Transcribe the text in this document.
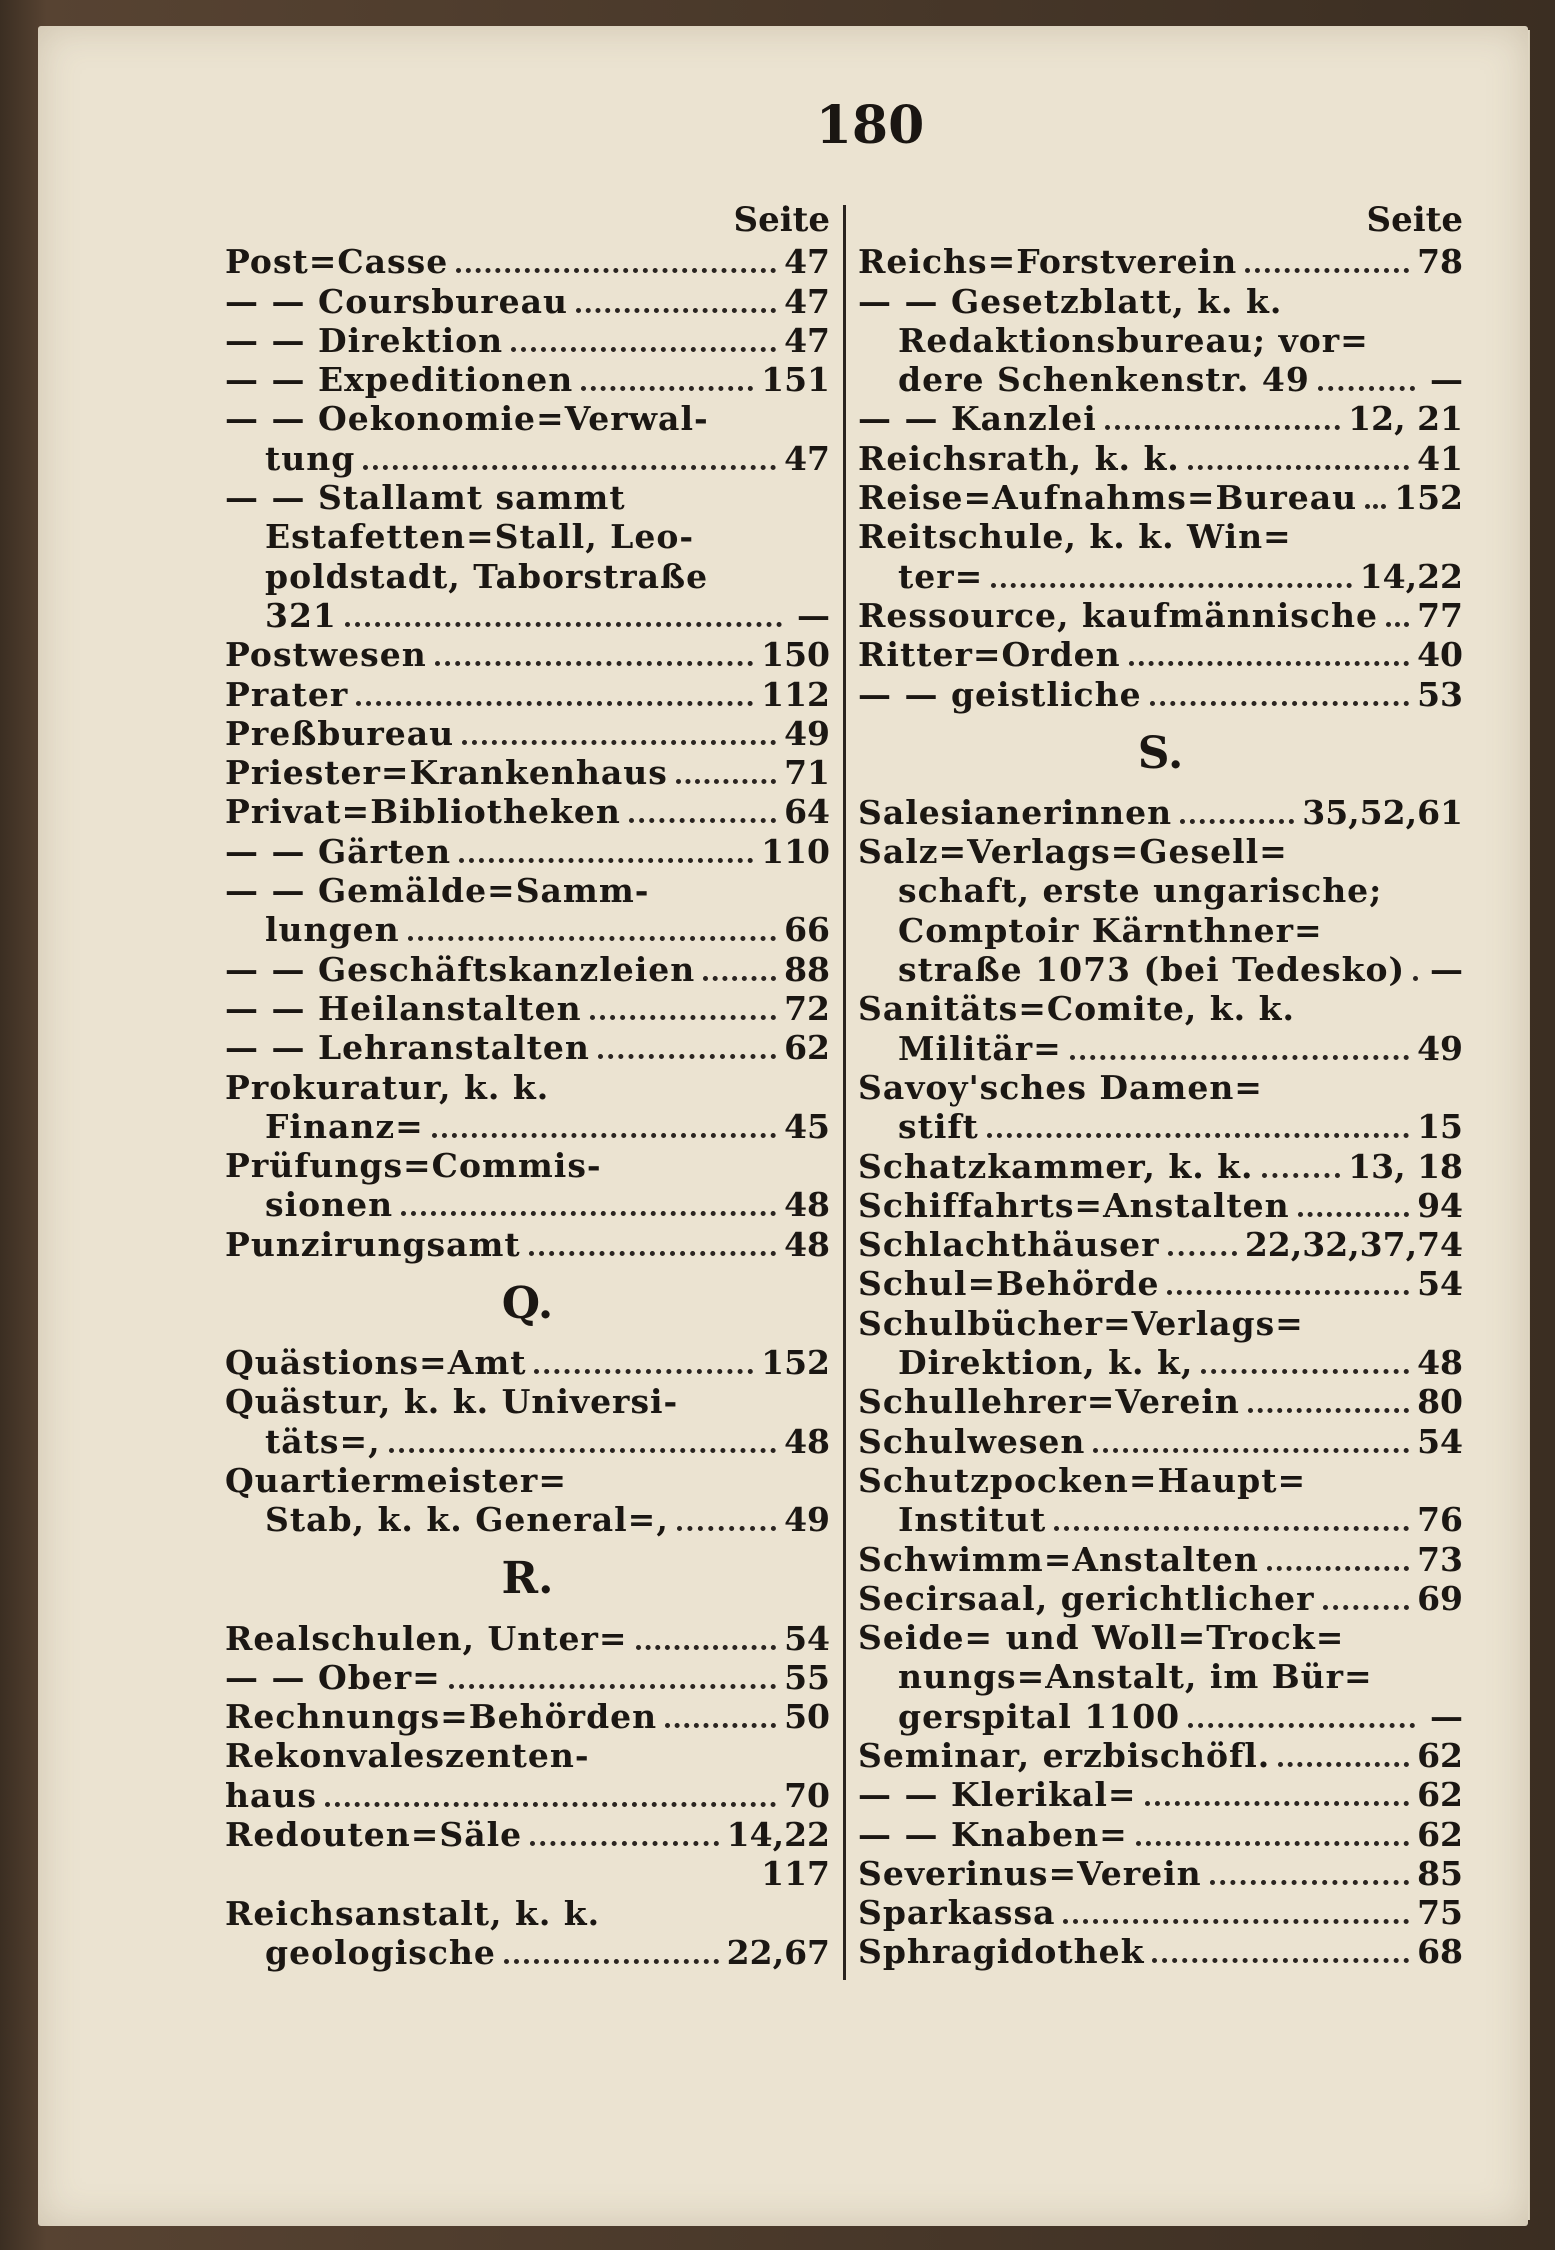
180
Seite
Post=Casse	47
— — Coursbureau	47
— — Direktion	47
— — Expeditionen	151
— — Oekonomie=Verwal-
tung	47
— — Stallamt sammt
Estafetten=Stall, Leo-
poldstadt, Taborstraße
321	—
Postwesen	150
Prater	112
Preßbureau	49
Priester=Krankenhaus	71
Privat=Bibliotheken	64
— — Gärten	110
— — Gemälde=Samm-
lungen	66
— — Geschäftskanzleien	88
— — Heilanstalten	72
— — Lehranstalten	62
Prokuratur, k. k.
Finanz=	45
Prüfungs=Commis-
sionen	48
Punzirungsamt	48
Q.
Quästions=Amt	152
Quästur, k. k. Universi-
täts=,	48
Quartiermeister=
Stab, k. k. General=,	49
R.
Realschulen, Unter=	54
— — Ober=	55
Rechnungs=Behörden	50
Rekonvaleszenten-
haus	70
Redouten=Säle	14,22
117
Reichsanstalt, k. k.
geologische	22,67
Seite
Reichs=Forstverein	78
— — Gesetzblatt, k. k.
Redaktionsbureau; vor=
dere Schenkenstr. 49	—
— — Kanzlei	12, 21
Reichsrath, k. k.	41
Reise=Aufnahms=Bureau 152
Reitschule, k. k. Win=
ter=	14,22
Ressource, kaufmännische 77
Ritter=Orden	40
— — geistliche	53
S.
Salesianerinnen	35,52,61
Salz=Verlags=Gesell=
schaft, erste ungarische;
Comptoir Kärnthner=
straße 1073 (bei Tedesko) —
Sanitäts=Comite, k. k.
Militär=	49
Savoy'sches Damen=
stift	15
Schatzkammer, k. k.	13, 18
Schiffahrts=Anstalten	94
Schlachthäuser	22,32,37,74
Schul=Behörde	54
Schulbücher=Verlags=
Direktion, k. k,	48
Schullehrer=Verein	80
Schulwesen	54
Schutzpocken=Haupt=
Institut	76
Schwimm=Anstalten	73
Secirsaal, gerichtlicher	69
Seide= und Woll=Trock=
nungs=Anstalt, im Bür=
gerspital 1100	—
Seminar, erzbischöfl.	62
— — Klerikal=	62
— — Knaben=	62
Severinus=Verein	85
Sparkassa	75
Sphragidothek	68
